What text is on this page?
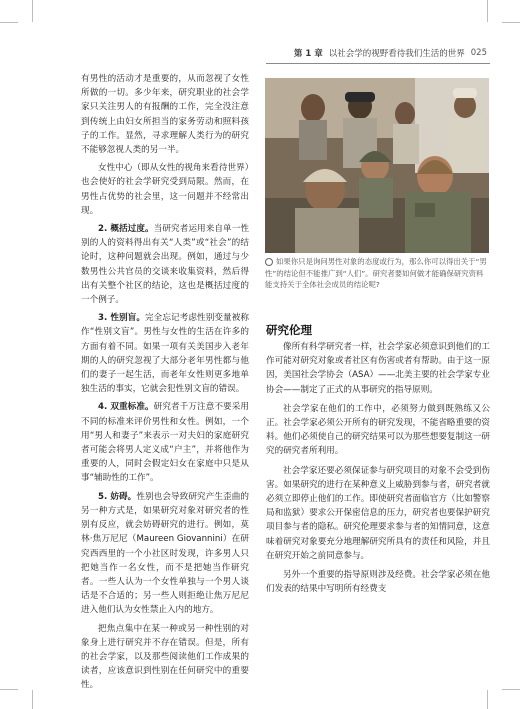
第 1 章 以社会学的视野看待我们生活的世界 025

有男性的活动才是重要的，从而忽视了女性所做的一切。多少年来，研究职业的社会学家只关注男人的有报酬的工作，完全没注意到传统上由妇女所担当的家务劳动和照料孩子的工作。显然，寻求理解人类行为的研究不能够忽视人类的另一半。

女性中心（即从女性的视角来看待世界）也会使好的社会学研究受到局限。然而，在男性占优势的社会里，这一问题并不经常出现。

2. 概括过度。当研究者运用来自单一性别的人的资料得出有关“人类”或“社会”的结论时，这种问题就会出现。例如，通过与少数男性公共官员的交谈来收集资料，然后得出有关整个社区的结论，这也是概括过度的一个例子。

3. 性别盲。完全忘记考虑性别变量被称作“性别文盲”。男性与女性的生活在许多的方面有着不同。如果一项有关美国步入老年期的人的研究忽视了大部分老年男性都与他们的妻子一起生活，而老年女性则更多地单独生活的事实，它就会犯性别文盲的错误。

4. 双重标准。研究者千万注意不要采用不同的标准来评价男性和女性。例如，一个用“男人和妻子”来表示一对夫妇的家庭研究者可能会将男人定义成“户主”，并将他作为重要的人，同时会假定妇女在家庭中只是从事“辅助性的工作”。

5. 妨碍。性别也会导致研究产生歪曲的另一种方式是，如果研究对象对研究者的性别有反应，就会妨碍研究的进行。例如，莫林·焦万尼尼（Maureen Giovannini）在研究西西里的一个小社区时发现，许多男人只把她当作一名女性，而不是把她当作研究者。一些人认为一个女性单独与一个男人谈话是不合适的；另一些人则拒绝让焦万尼尼进入他们认为女性禁止入内的地方。

把焦点集中在某一种或另一种性别的对象身上进行研究并不存在错误。但是，所有的社会学家，以及那些阅读他们工作成果的读者，应该意识到性别在任何研究中的重要性。

如果你只是询问男性对象的态度或行为，那么你可以得出关于“男性”的结论但不能推广到“人们”。研究者要如何做才能确保研究资料能支持关于全体社会成员的结论呢?
研究伦理

像所有科学研究者一样，社会学家必须意识到他们的工作可能对研究对象或者社区有伤害或者有帮助。由于这一原因，美国社会学协会（ASA）——北美主要的社会学家专业协会——制定了正式的从事研究的指导原则。

社会学家在他们的工作中，必须努力做到既熟练又公正。社会学家必须公开所有的研究发现，不能省略重要的资料。他们必须使自己的研究结果可以为那些想要复制这一研究的研究者所利用。

社会学家还要必须保证参与研究项目的对象不会受到伤害。如果研究的进行在某种意义上威胁到参与者，研究者就必须立即停止他们的工作。即使研究者面临官方（比如警察局和监狱）要求公开保密信息的压力，研究者也要保护研究项目参与者的隐私。研究伦理要求参与者的知情同意，这意味着研究对象要充分地理解研究所具有的责任和风险，并且在研究开始之前同意参与。

另外一个重要的指导原则涉及经费。社会学家必须在他们发表的结果中写明所有经费支
